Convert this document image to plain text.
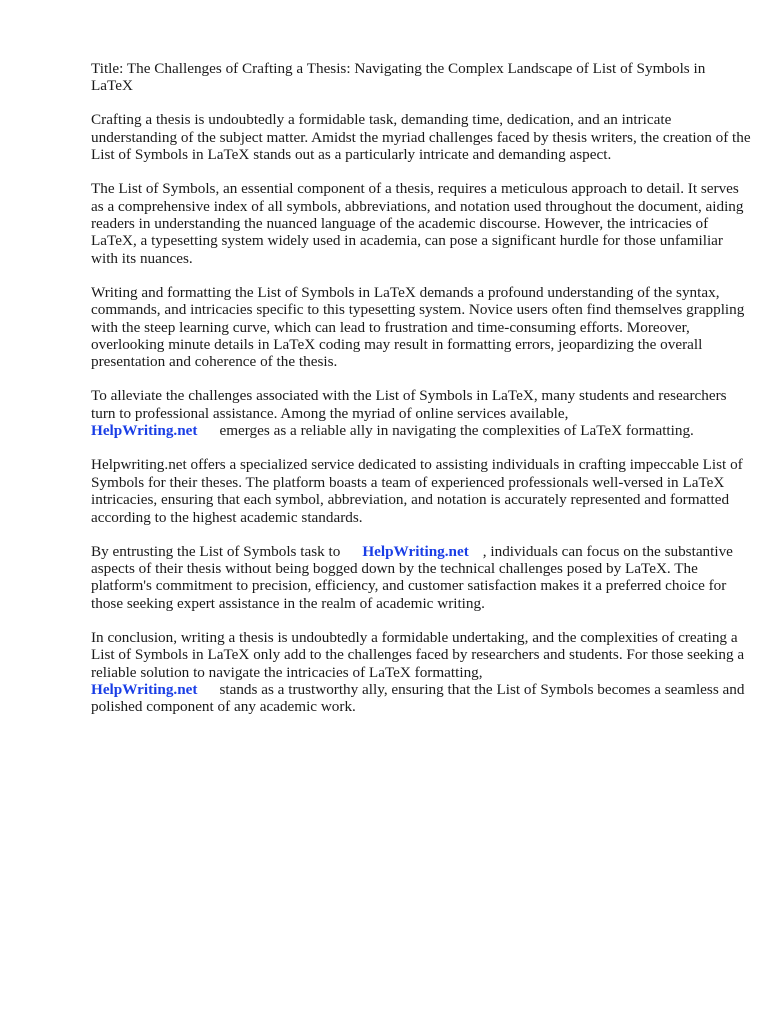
Title: The Challenges of Crafting a Thesis: Navigating the Complex Landscape of List of Symbols in LaTeX

Crafting a thesis is undoubtedly a formidable task, demanding time, dedication, and an intricate understanding of the subject matter. Amidst the myriad challenges faced by thesis writers, the creation of the List of Symbols in LaTeX stands out as a particularly intricate and demanding aspect.

The List of Symbols, an essential component of a thesis, requires a meticulous approach to detail. It serves as a comprehensive index of all symbols, abbreviations, and notation used throughout the document, aiding readers in understanding the nuanced language of the academic discourse. However, the intricacies of LaTeX, a typesetting system widely used in academia, can pose a significant hurdle for those unfamiliar with its nuances.

Writing and formatting the List of Symbols in LaTeX demands a profound understanding of the syntax, commands, and intricacies specific to this typesetting system. Novice users often find themselves grappling with the steep learning curve, which can lead to frustration and time-consuming efforts. Moreover, overlooking minute details in LaTeX coding may result in formatting errors, jeopardizing the overall presentation and coherence of the thesis.

To alleviate the challenges associated with the List of Symbols in LaTeX, many students and researchers turn to professional assistance. Among the myriad of online services available,
HelpWriting.net emerges as a reliable ally in navigating the complexities of LaTeX formatting.

Helpwriting.net offers a specialized service dedicated to assisting individuals in crafting impeccable List of Symbols for their theses. The platform boasts a team of experienced professionals well-versed in LaTeX intricacies, ensuring that each symbol, abbreviation, and notation is accurately represented and formatted according to the highest academic standards.

By entrusting the List of Symbols task to HelpWriting.net , individuals can focus on the substantive aspects of their thesis without being bogged down by the technical challenges posed by LaTeX. The platform's commitment to precision, efficiency, and customer satisfaction makes it a preferred choice for those seeking expert assistance in the realm of academic writing.

In conclusion, writing a thesis is undoubtedly a formidable undertaking, and the complexities of creating a List of Symbols in LaTeX only add to the challenges faced by researchers and students. For those seeking a reliable solution to navigate the intricacies of LaTeX formatting,
HelpWriting.net stands as a trustworthy ally, ensuring that the List of Symbols becomes a seamless and polished component of any academic work.
